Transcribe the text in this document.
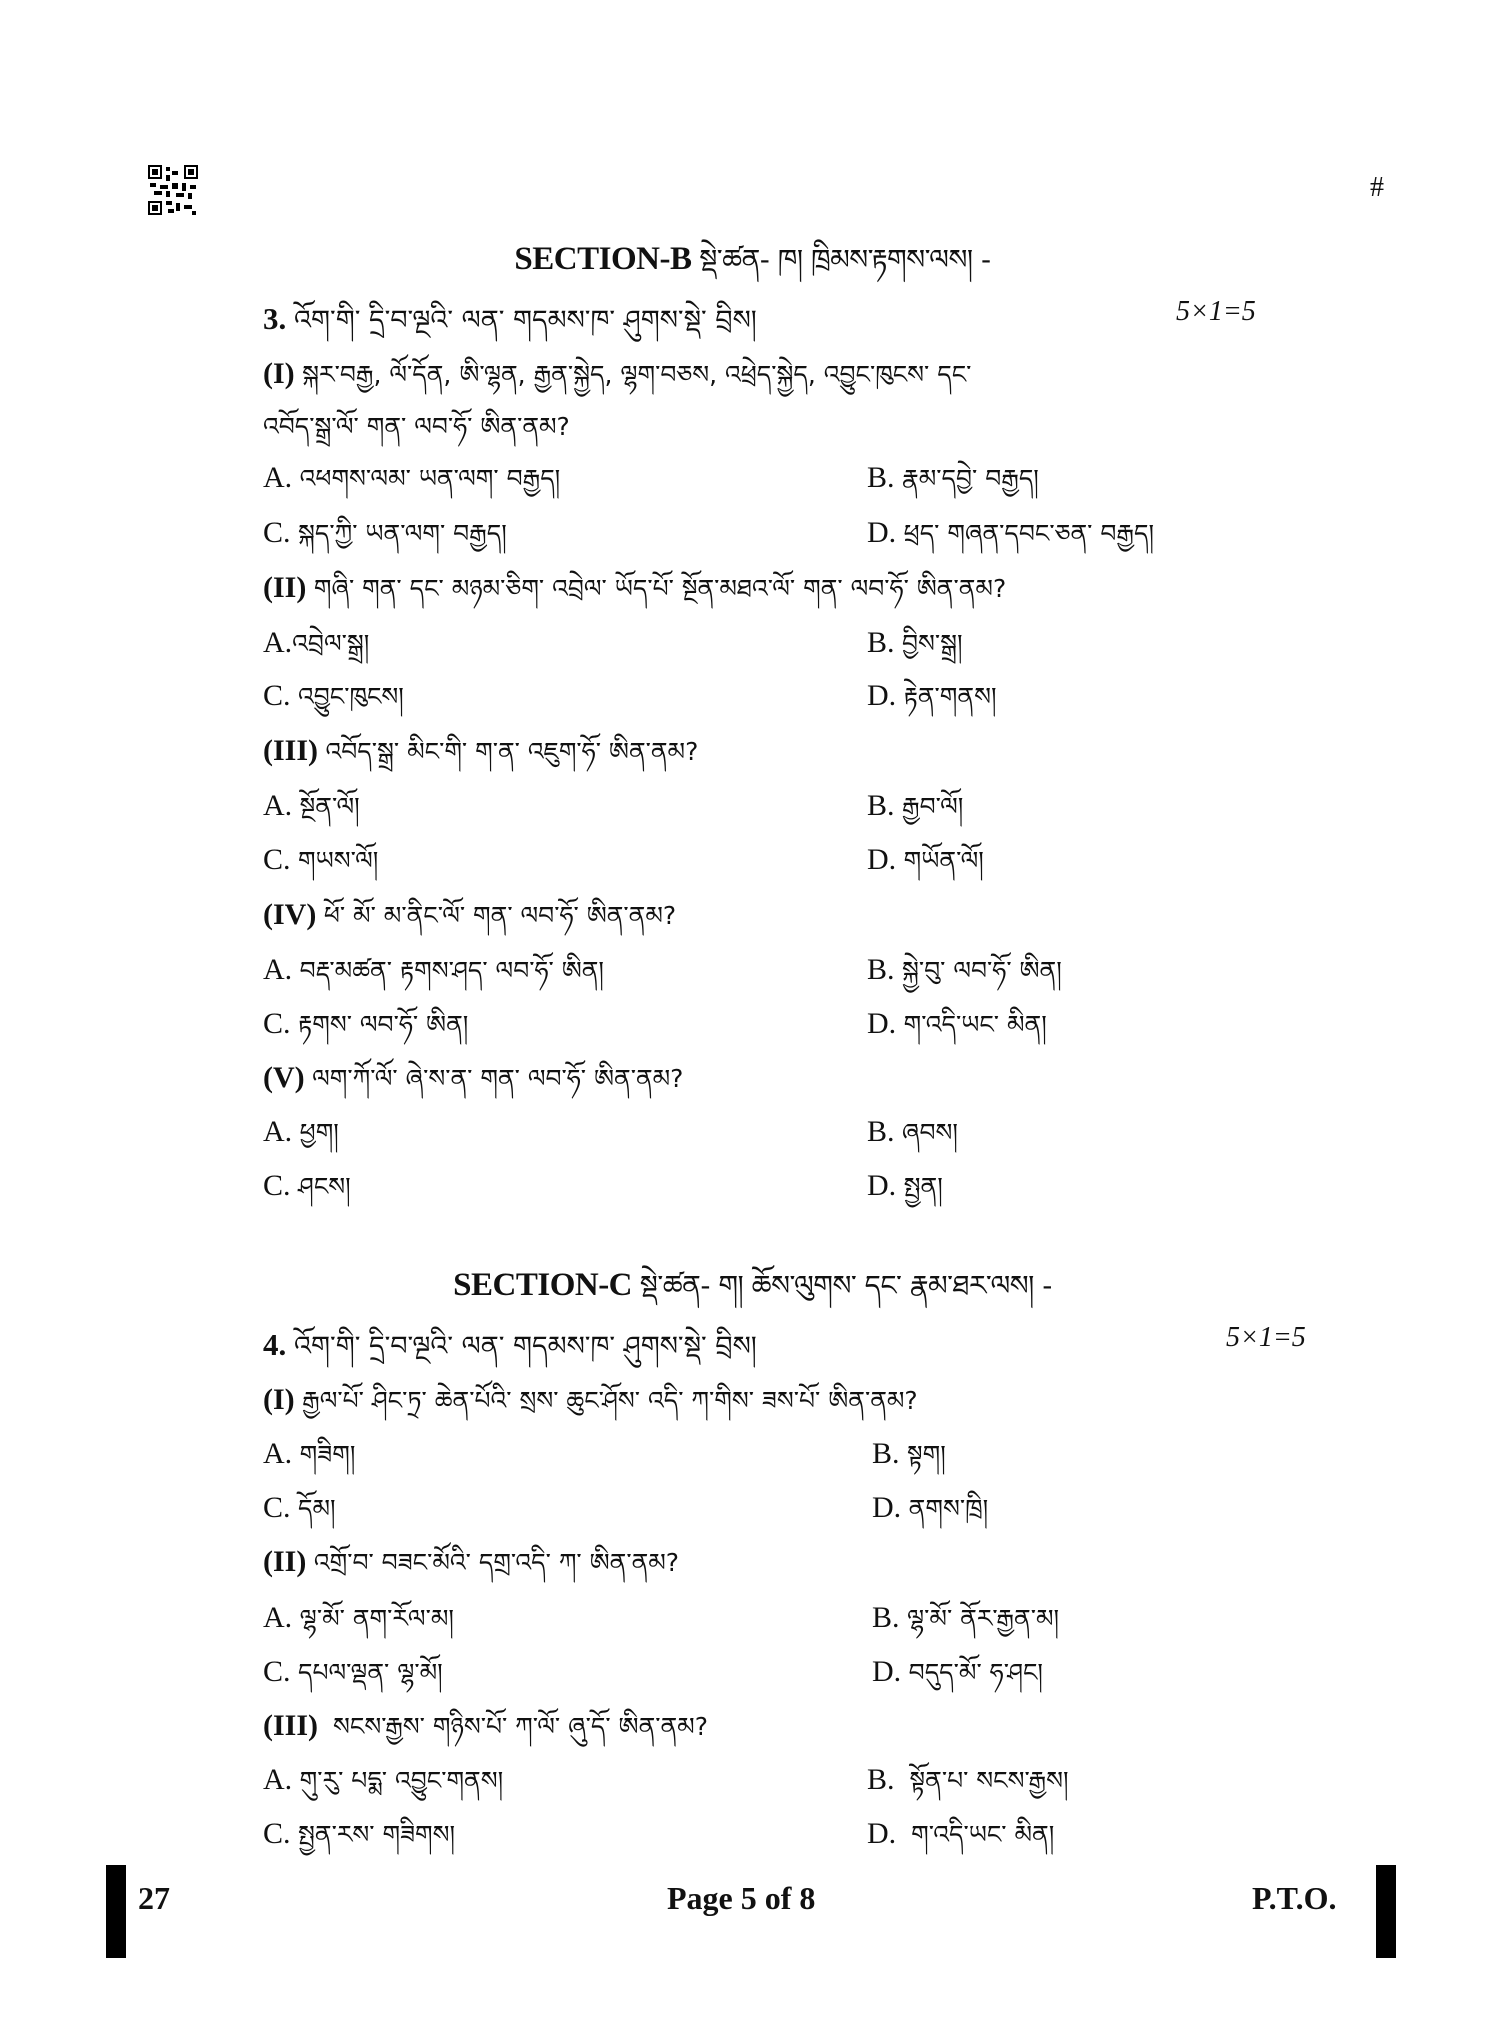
#
SECTION-B སྡེ་ཚན- ཁ། ཁྲིམས་རྟགས་ལས། -
3. འོག་གི་ དྲི་བ་ལྔའི་ ལན་ གདམས་ཁ་ ཤུགས་སྡེ་ བྲིས།	5×1=5
(I) སྐར་བརྒྱ, ལོ་དོན, ཨི་ལྷན, རྒྱན་སྐྱེད, ལྷག་བཅས, འཕྲེད་སྐྱེད, འབྱུང་ཁུངས་ དང་
འབོད་སྒྲ་ལོ་ གན་ ལབ་ཧོ་ ཨིན་ནམ?
A. འཕགས་ལམ་ ཡན་ལག་ བརྒྱད།	B. རྣམ་དབྱེ་ བརྒྱད།
C. སྐད་ཀྱི་ ཡན་ལག་ བརྒྱད།	D. ཕྲད་ གཞན་དབང་ཅན་ བརྒྱད།
(II) གཞི་ གན་ དང་ མཉམ་ཅིག་ འབྲེལ་ ཡོད་པོ་ སྔོན་མཐའ་ལོ་ གན་ ལབ་ཧོ་ ཨིན་ནམ?
A.འབྲེལ་སྒྲ།	B. བྱིས་སྒྲ།
C. འབྱུང་ཁུངས།	D. རྟེན་གནས།
(III) འབོད་སྒྲ་ མིང་གི་ ག་ན་ འཇུག་ཧོ་ ཨིན་ནམ?
A. སྔོན་ལོ།	B. རྒྱབ་ལོ།
C. གཡས་ལོ།	D. གཡོན་ལོ།
(IV) ཕོ་ མོ་ མ་ནིང་ལོ་ གན་ ལབ་ཧོ་ ཨིན་ནམ?
A. བརྡ་མཚན་ རྟགས་ཤད་ ལབ་ཧོ་ ཨིན།	B. སྐྱེ་བུ་ ལབ་ཧོ་ ཨིན།
C. རྟགས་ ལབ་ཧོ་ ཨིན།	D. ག་འདི་ཡང་ མིན།
(V) ལག་ཀོ་ལོ་ ཞེ་ས་ན་ གན་ ལབ་ཧོ་ ཨིན་ནམ?
A. ཕྱག།	B. ཞབས།
C. ཤངས།	D. སྤྱན།
SECTION-C སྡེ་ཚན- ག། ཆོས་ལུགས་ དང་ རྣམ་ཐར་ལས། -
4. འོག་གི་ དྲི་བ་ལྔའི་ ལན་ གདམས་ཁ་ ཤུགས་སྡེ་ བྲིས།	5×1=5
(I) རྒྱལ་པོ་ ཤིང་ཏྲ་ ཆེན་པོའི་ སྲས་ ཆུང་ཤོས་ འདི་ ཀ་གིས་ ཟས་པོ་ ཨིན་ནམ?
A. གཟིག།	B. སྟག།
C. དོམ།	D. ནགས་ཁྲི།
(II) འགྲོ་བ་ བཟང་མོའི་ དགྲ་འདི་ ཀ་ ཨིན་ནམ?
A. ལྷ་མོ་ ནག་རོལ་མ།	B. ལྷ་མོ་ ནོར་རྒྱན་མ།
C. དཔལ་ལྡན་ ལྷ་མོ།	D. བདུད་མོ་ ཧ་ཤང།
(III) སངས་རྒྱས་ གཉིས་པོ་ ཀ་ལོ་ ཞུ་དོ་ ཨིན་ནམ?
A. གུ་རུ་ པདྨ་ འབྱུང་གནས།	B.  སྟོན་པ་ སངས་རྒྱས།
C. སྤྱན་རས་ གཟིགས།	D.  ག་འདི་ཡང་ མིན།
27	Page 5 of 8	P.T.O.
